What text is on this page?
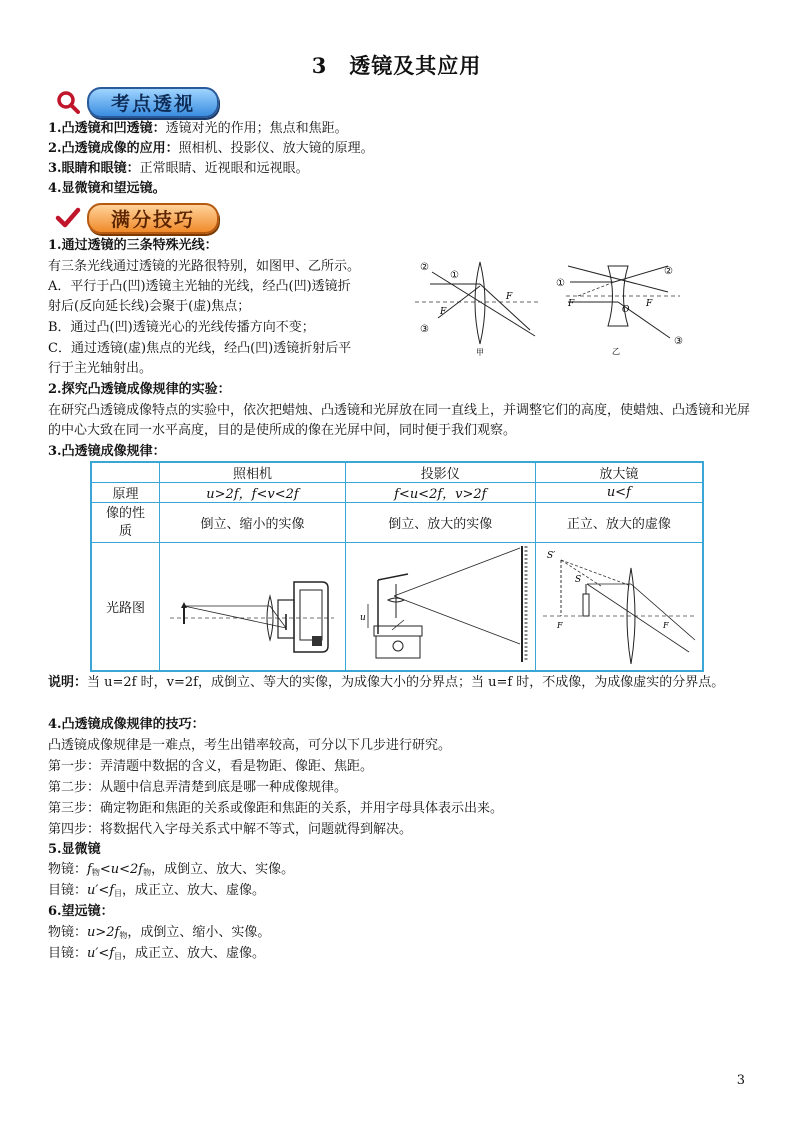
3　透镜及其应用
考点透视
1.凸透镜和凹透镜：透镜对光的作用；焦点和焦距。
2.凸透镜成像的应用：照相机、投影仪、放大镜的原理。
3.眼睛和眼镜：正常眼睛、近视眼和远视眼。
4.显微镜和望远镜。
满分技巧
1.通过透镜的三条特殊光线：
有三条光线通过透镜的光路很特别，如图甲、乙所示。
A．平行于凸(凹)透镜主光轴的光线，经凸(凹)透镜折
射后(反向延长线)会聚于(虚)焦点；
B．通过凸(凹)透镜光心的光线传播方向不变；
C．通过透镜(虚)焦点的光线，经凸(凹)透镜折射后平
行于主光轴射出。
②
①
③
F
F
甲
①
②
③
F	F
O
乙
2.探究凸透镜成像规律的实验：
在研究凸透镜成像特点的实验中，依次把蜡烛、凸透镜和光屏放在同一直线上，并调整它们的高度，使蜡烛、凸透镜和光屏的中心大致在同一水平高度，目的是使所成的像在光屏中间，同时便于我们观察。
3.凸透镜成像规律：
	照相机	投影仪	放大镜
原理	u>2f，f<v<2f	f<u<2f，v>2f	u<f
像的性质	倒立、缩小的实像	倒立、放大的实像	正立、放大的虚像
光路图		u	S′
S
F F
说明：当 u=2f 时，v=2f，成倒立、等大的实像，为成像大小的分界点；当 u=f 时，不成像，为成像虚实的分界点。
4.凸透镜成像规律的技巧：
凸透镜成像规律是一难点，考生出错率较高，可分以下几步进行研究。
第一步：弄清题中数据的含义，看是物距、像距、焦距。
第二步：从题中信息弄清楚到底是哪一种成像规律。
第三步：确定物距和焦距的关系或像距和焦距的关系，并用字母具体表示出来。
第四步：将数据代入字母关系式中解不等式，问题就得到解决。
5.显微镜
物镜：$f_物<u<2f_物$，成倒立、放大、实像。
目镜：$u'<f_目$，成正立、放大、虚像。
6.望远镜：
物镜：$u>2f_物$，成倒立、缩小、实像。
目镜：$u'<f_目$，成正立、放大、虚像。
3
